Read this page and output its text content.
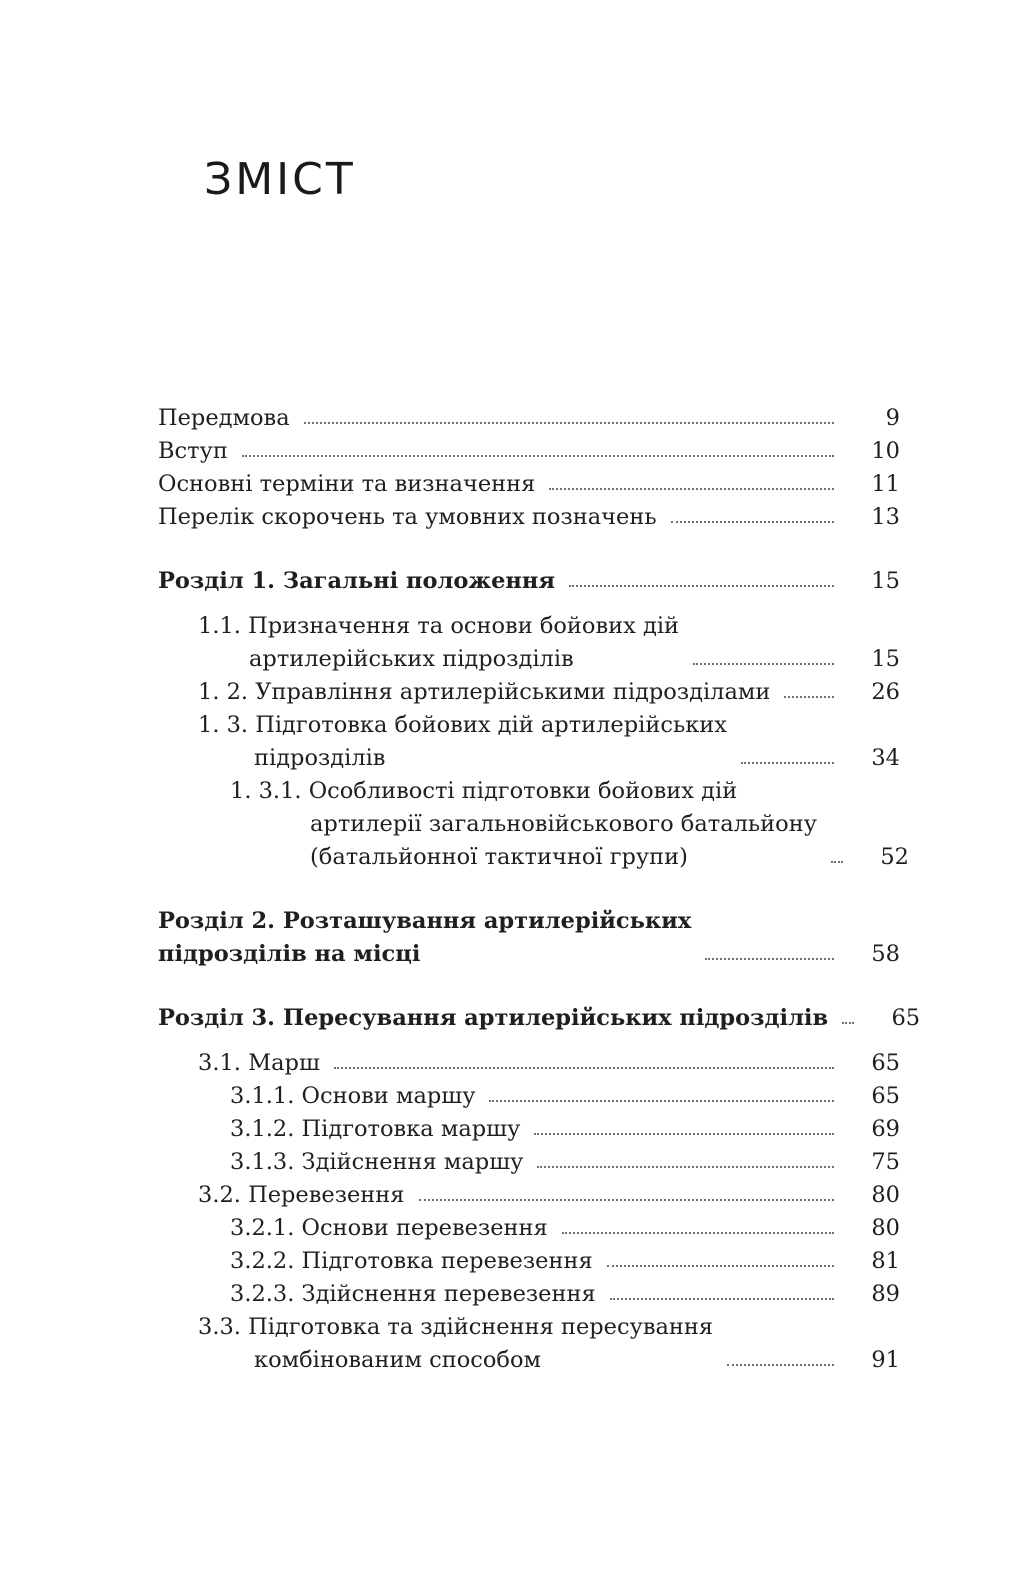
ЗМІСТ
Передмова	9
Вступ	10
Основні терміни та визначення	11
Перелік скорочень та умовних позначень	13
Розділ 1. Загальні положення	15
1.1. Призначення та основи бойових дій
артилерійських підрозділів	15
1. 2. Управління артилерійськими підрозділами	26
1. 3. Підготовка бойових дій артилерійських
підрозділів	34
1. 3.1. Особливості підготовки бойових дій
артилерії загальновійськового батальйону
(батальйонної тактичної групи)	52
Розділ 2. Розташування артилерійських
підрозділів на місці	58
Розділ 3. Пересування артилерійських підрозділів	65
3.1. Марш	65
3.1.1. Основи маршу	65
3.1.2. Підготовка маршу	69
3.1.3. Здійснення маршу	75
3.2. Перевезення	80
3.2.1. Основи перевезення	80
3.2.2. Підготовка перевезення	81
3.2.3. Здійснення перевезення	89
3.3. Підготовка та здійснення пересування
комбінованим способом	91
